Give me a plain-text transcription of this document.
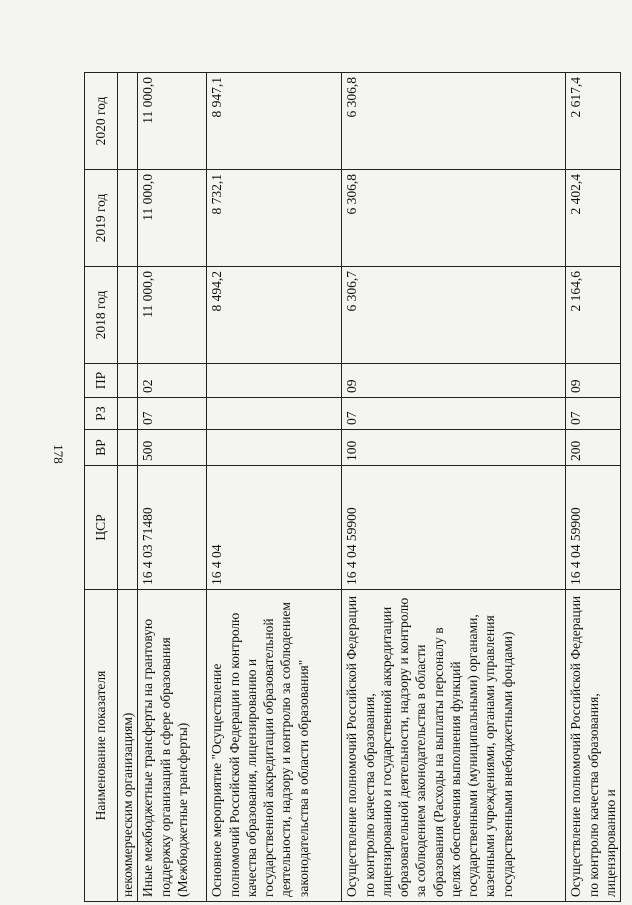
178
Наименование показателя	ЦСР	ВР	РЗ	ПР	2018 год	2019 год	2020 год
некоммерческим организациям)							
Иные межбюджетные трансферты на грантовую поддержку организаций в сфере образования (Межбюджетные трансферты)	16 4 03 71480	500	07	02	11 000,0	11 000,0	11 000,0
Основное мероприятие "Осуществление полномочий Российской Федерации по контролю качества образования, лицензированию и государственной аккредитации образовательной деятельности, надзору и контролю за соблюдением законодательства в области образования"	16 4 04				8 494,2	8 732,1	8 947,1
Осуществление полномочий Российской Федерации по контролю качества образования, лицензированию и государственной аккредитации образовательной деятельности, надзору и контролю за соблюдением законодательства в области образования (Расходы на выплаты персоналу в целях обеспечения выполнения функций государственными (муниципальными) органами, казенными учреждениями, органами управления государственными внебюджетными фондами)	16 4 04 59900	100	07	09	6 306,7	6 306,8	6 306,8
Осуществление полномочий Российской Федерации по контролю качества образования, лицензированию и	16 4 04 59900	200	07	09	2 164,6	2 402,4	2 617,4
